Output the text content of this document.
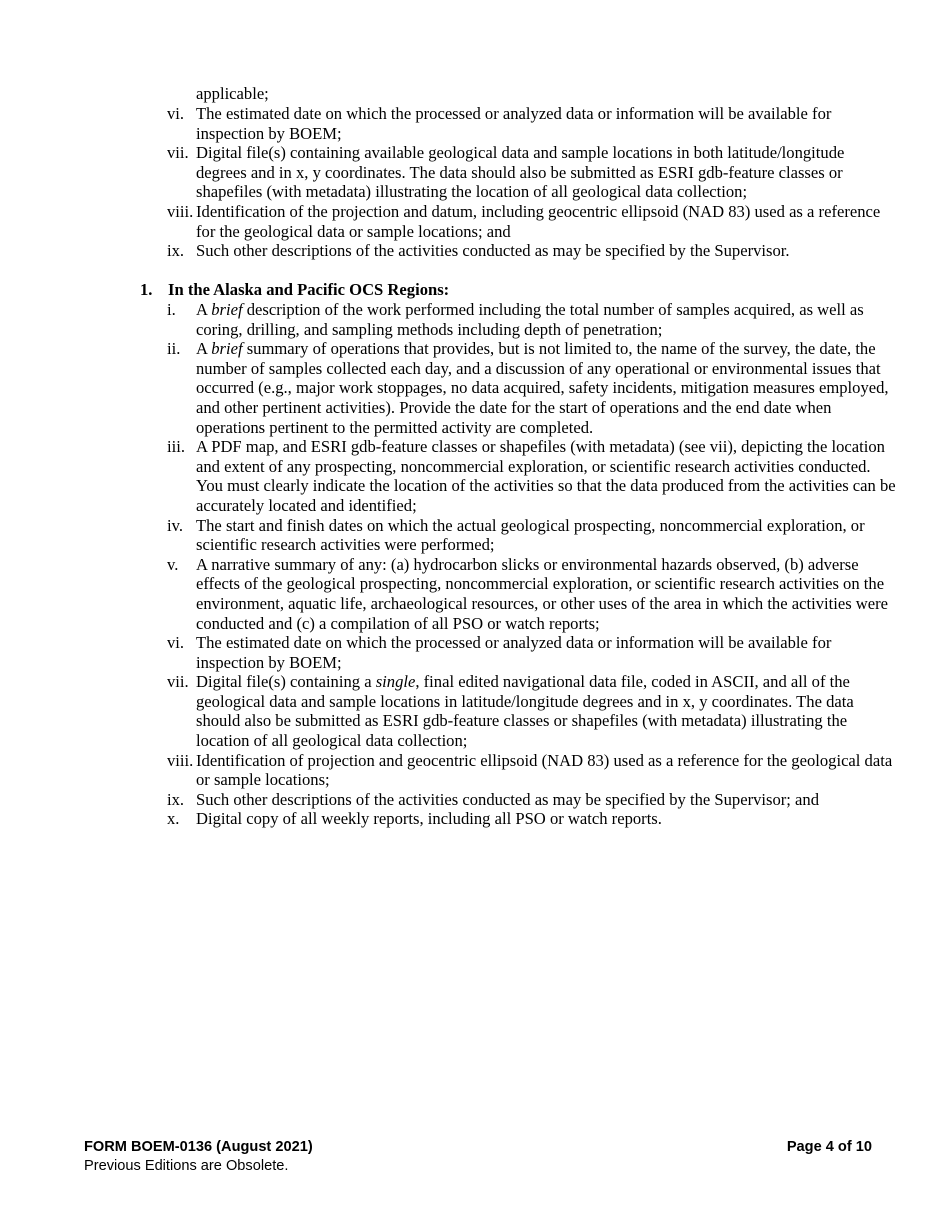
applicable;

vi. The estimated date on which the processed or analyzed data or information will be available for inspection by BOEM;
vii. Digital file(s) containing available geological data and sample locations in both latitude/longitude degrees and in x, y coordinates. The data should also be submitted as ESRI gdb-feature classes or shapefiles (with metadata) illustrating the location of all geological data collection;
viii. Identification of the projection and datum, including geocentric ellipsoid (NAD 83) used as a reference for the geological data or sample locations; and
ix. Such other descriptions of the activities conducted as may be specified by the Supervisor.

1. In the Alaska and Pacific OCS Regions:

i. A brief description of the work performed including the total number of samples acquired, as well as coring, drilling, and sampling methods including depth of penetration;
ii. A brief summary of operations that provides, but is not limited to, the name of the survey, the date, the number of samples collected each day, and a discussion of any operational or environmental issues that occurred (e.g., major work stoppages, no data acquired, safety incidents, mitigation measures employed, and other pertinent activities). Provide the date for the start of operations and the end date when operations pertinent to the permitted activity are completed.
iii. A PDF map, and ESRI gdb-feature classes or shapefiles (with metadata) (see vii), depicting the location and extent of any prospecting, noncommercial exploration, or scientific research activities conducted. You must clearly indicate the location of the activities so that the data produced from the activities can be accurately located and identified;
iv. The start and finish dates on which the actual geological prospecting, noncommercial exploration, or scientific research activities were performed;
v. A narrative summary of any: (a) hydrocarbon slicks or environmental hazards observed, (b) adverse effects of the geological prospecting, noncommercial exploration, or scientific research activities on the environment, aquatic life, archaeological resources, or other uses of the area in which the activities were conducted and (c) a compilation of all PSO or watch reports;
vi. The estimated date on which the processed or analyzed data or information will be available for inspection by BOEM;
vii. Digital file(s) containing a single, final edited navigational data file, coded in ASCII, and all of the geological data and sample locations in latitude/longitude degrees and in x, y coordinates. The data should also be submitted as ESRI gdb-feature classes or shapefiles (with metadata) illustrating the location of all geological data collection;
viii. Identification of projection and geocentric ellipsoid (NAD 83) used as a reference for the geological data or sample locations;
ix. Such other descriptions of the activities conducted as may be specified by the Supervisor; and
x. Digital copy of all weekly reports, including all PSO or watch reports.
FORM BOEM-0136 (August 2021)
Previous Editions are Obsolete.
Page 4 of 10
